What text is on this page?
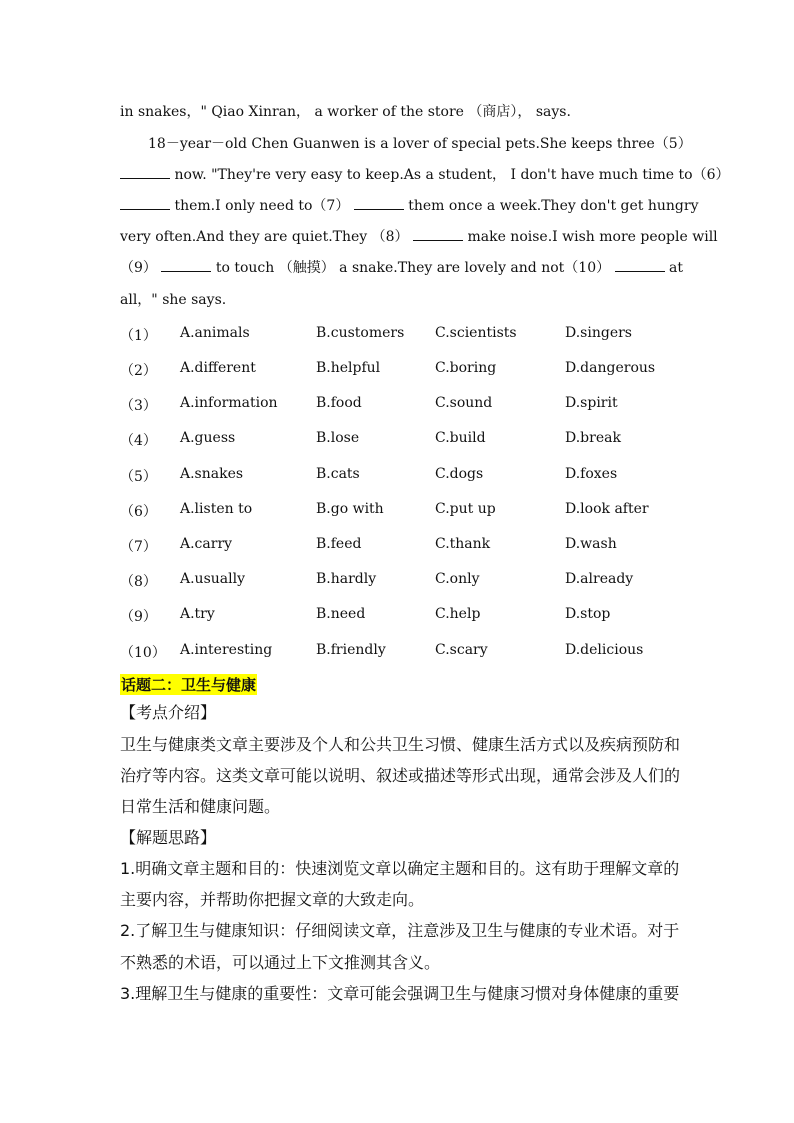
in snakes，" Qiao Xinran， a worker of the store （商店）， says.
18－year－old Chen Guanwen is a lover of special pets.She keeps three（5）
now. "They're very easy to keep.As a student， I don't have much time to（6）
them.I only need to（7）	them once a week.They don't get hungry
very often.And they are quiet.They （8）	make noise.I wish more people will
（9）	to touch （触摸） a snake.They are lovely and not（10）	at
all，" she says.
（1） A.animals	B.customers C.scientists	D.singers
（2） A.different	B.helpful	C.boring	D.dangerous
（3） A.information	B.food	C.sound	D.spirit
（4） A.guess	B.lose	C.build	D.break
（5） A.snakes	B.cats	C.dogs	D.foxes
（6） A.listen to	B.go with	C.put up	D.look after
（7） A.carry	B.feed	C.thank	D.wash
（8） A.usually	B.hardly	C.only	D.already
（9） A.try	B.need	C.help	D.stop
（10） A.interesting	B.friendly	C.scary	D.delicious
话题二：卫生与健康
【考点介绍】
卫生与健康类文章主要涉及个人和公共卫生习惯、健康生活方式以及疾病预防和
治疗等内容。这类文章可能以说明、叙述或描述等形式出现，通常会涉及人们的
日常生活和健康问题。
【解题思路】
1.明确文章主题和目的：快速浏览文章以确定主题和目的。这有助于理解文章的
主要内容，并帮助你把握文章的大致走向。
2.了解卫生与健康知识：仔细阅读文章，注意涉及卫生与健康的专业术语。对于
不熟悉的术语，可以通过上下文推测其含义。
3.理解卫生与健康的重要性：文章可能会强调卫生与健康习惯对身体健康的重要
